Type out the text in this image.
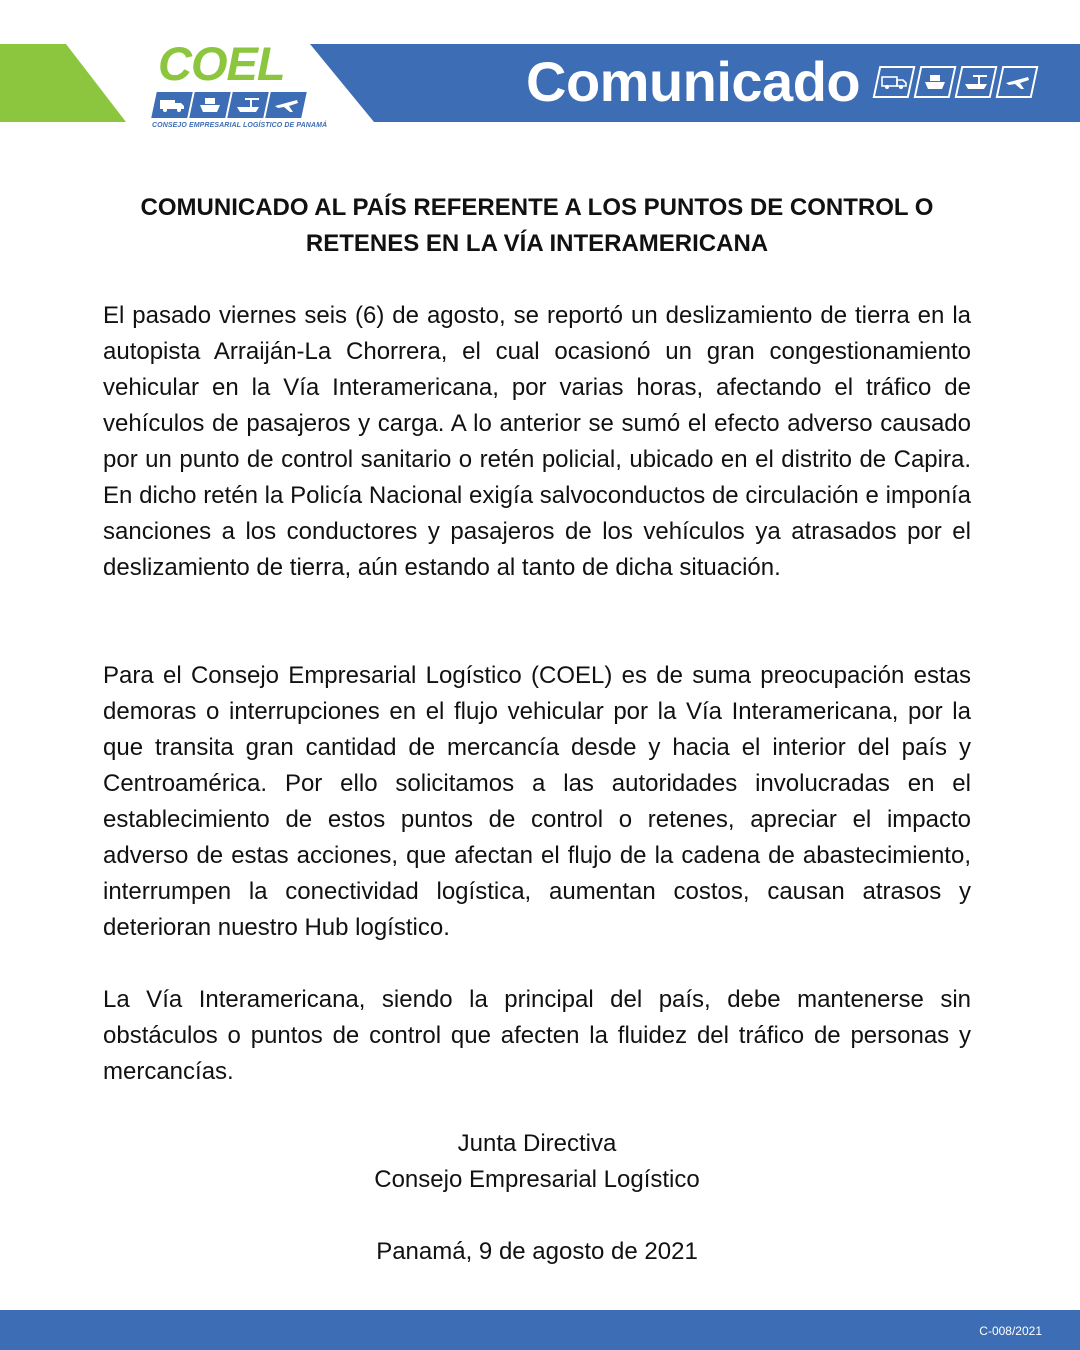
COEL
CONSEJO EMPRESARIAL LOGÍSTICO DE PANAMÁ
Comunicado
COMUNICADO AL PAÍS REFERENTE A LOS PUNTOS DE CONTROL O RETENES EN LA VÍA INTERAMERICANA

El pasado viernes seis (6) de agosto, se reportó un deslizamiento de tierra en la autopista Arraiján-La Chorrera, el cual ocasionó un gran congestionamiento vehicular en la Vía Interamericana, por varias horas, afectando el tráfico de vehículos de pasajeros y carga. A lo anterior se sumó el efecto adverso causado por un punto de control sanitario o retén policial, ubicado en el distrito de Capira. En dicho retén la Policía Nacional exigía salvoconductos de circulación e imponía sanciones a los conductores y pasajeros de los vehículos ya atrasados por el deslizamiento de tierra, aún estando al tanto de dicha situación.

Para el Consejo Empresarial Logístico (COEL) es de suma preocupación estas demoras o interrupciones en el flujo vehicular por la Vía Interamericana, por la que transita gran cantidad de mercancía desde y hacia el interior del país y Centroamérica. Por ello solicitamos a las autoridades involucradas en el establecimiento de estos puntos de control o retenes, apreciar el impacto adverso de estas acciones, que afectan el flujo de la cadena de abastecimiento, interrumpen la conectividad logística, aumentan costos, causan atrasos y deterioran nuestro Hub logístico.

La Vía Interamericana, siendo la principal del país, debe mantenerse sin obstáculos o puntos de control que afecten la fluidez del tráfico de personas y mercancías.

Junta Directiva
Consejo Empresarial Logístico
Panamá, 9 de agosto de 2021
C-008/2021
